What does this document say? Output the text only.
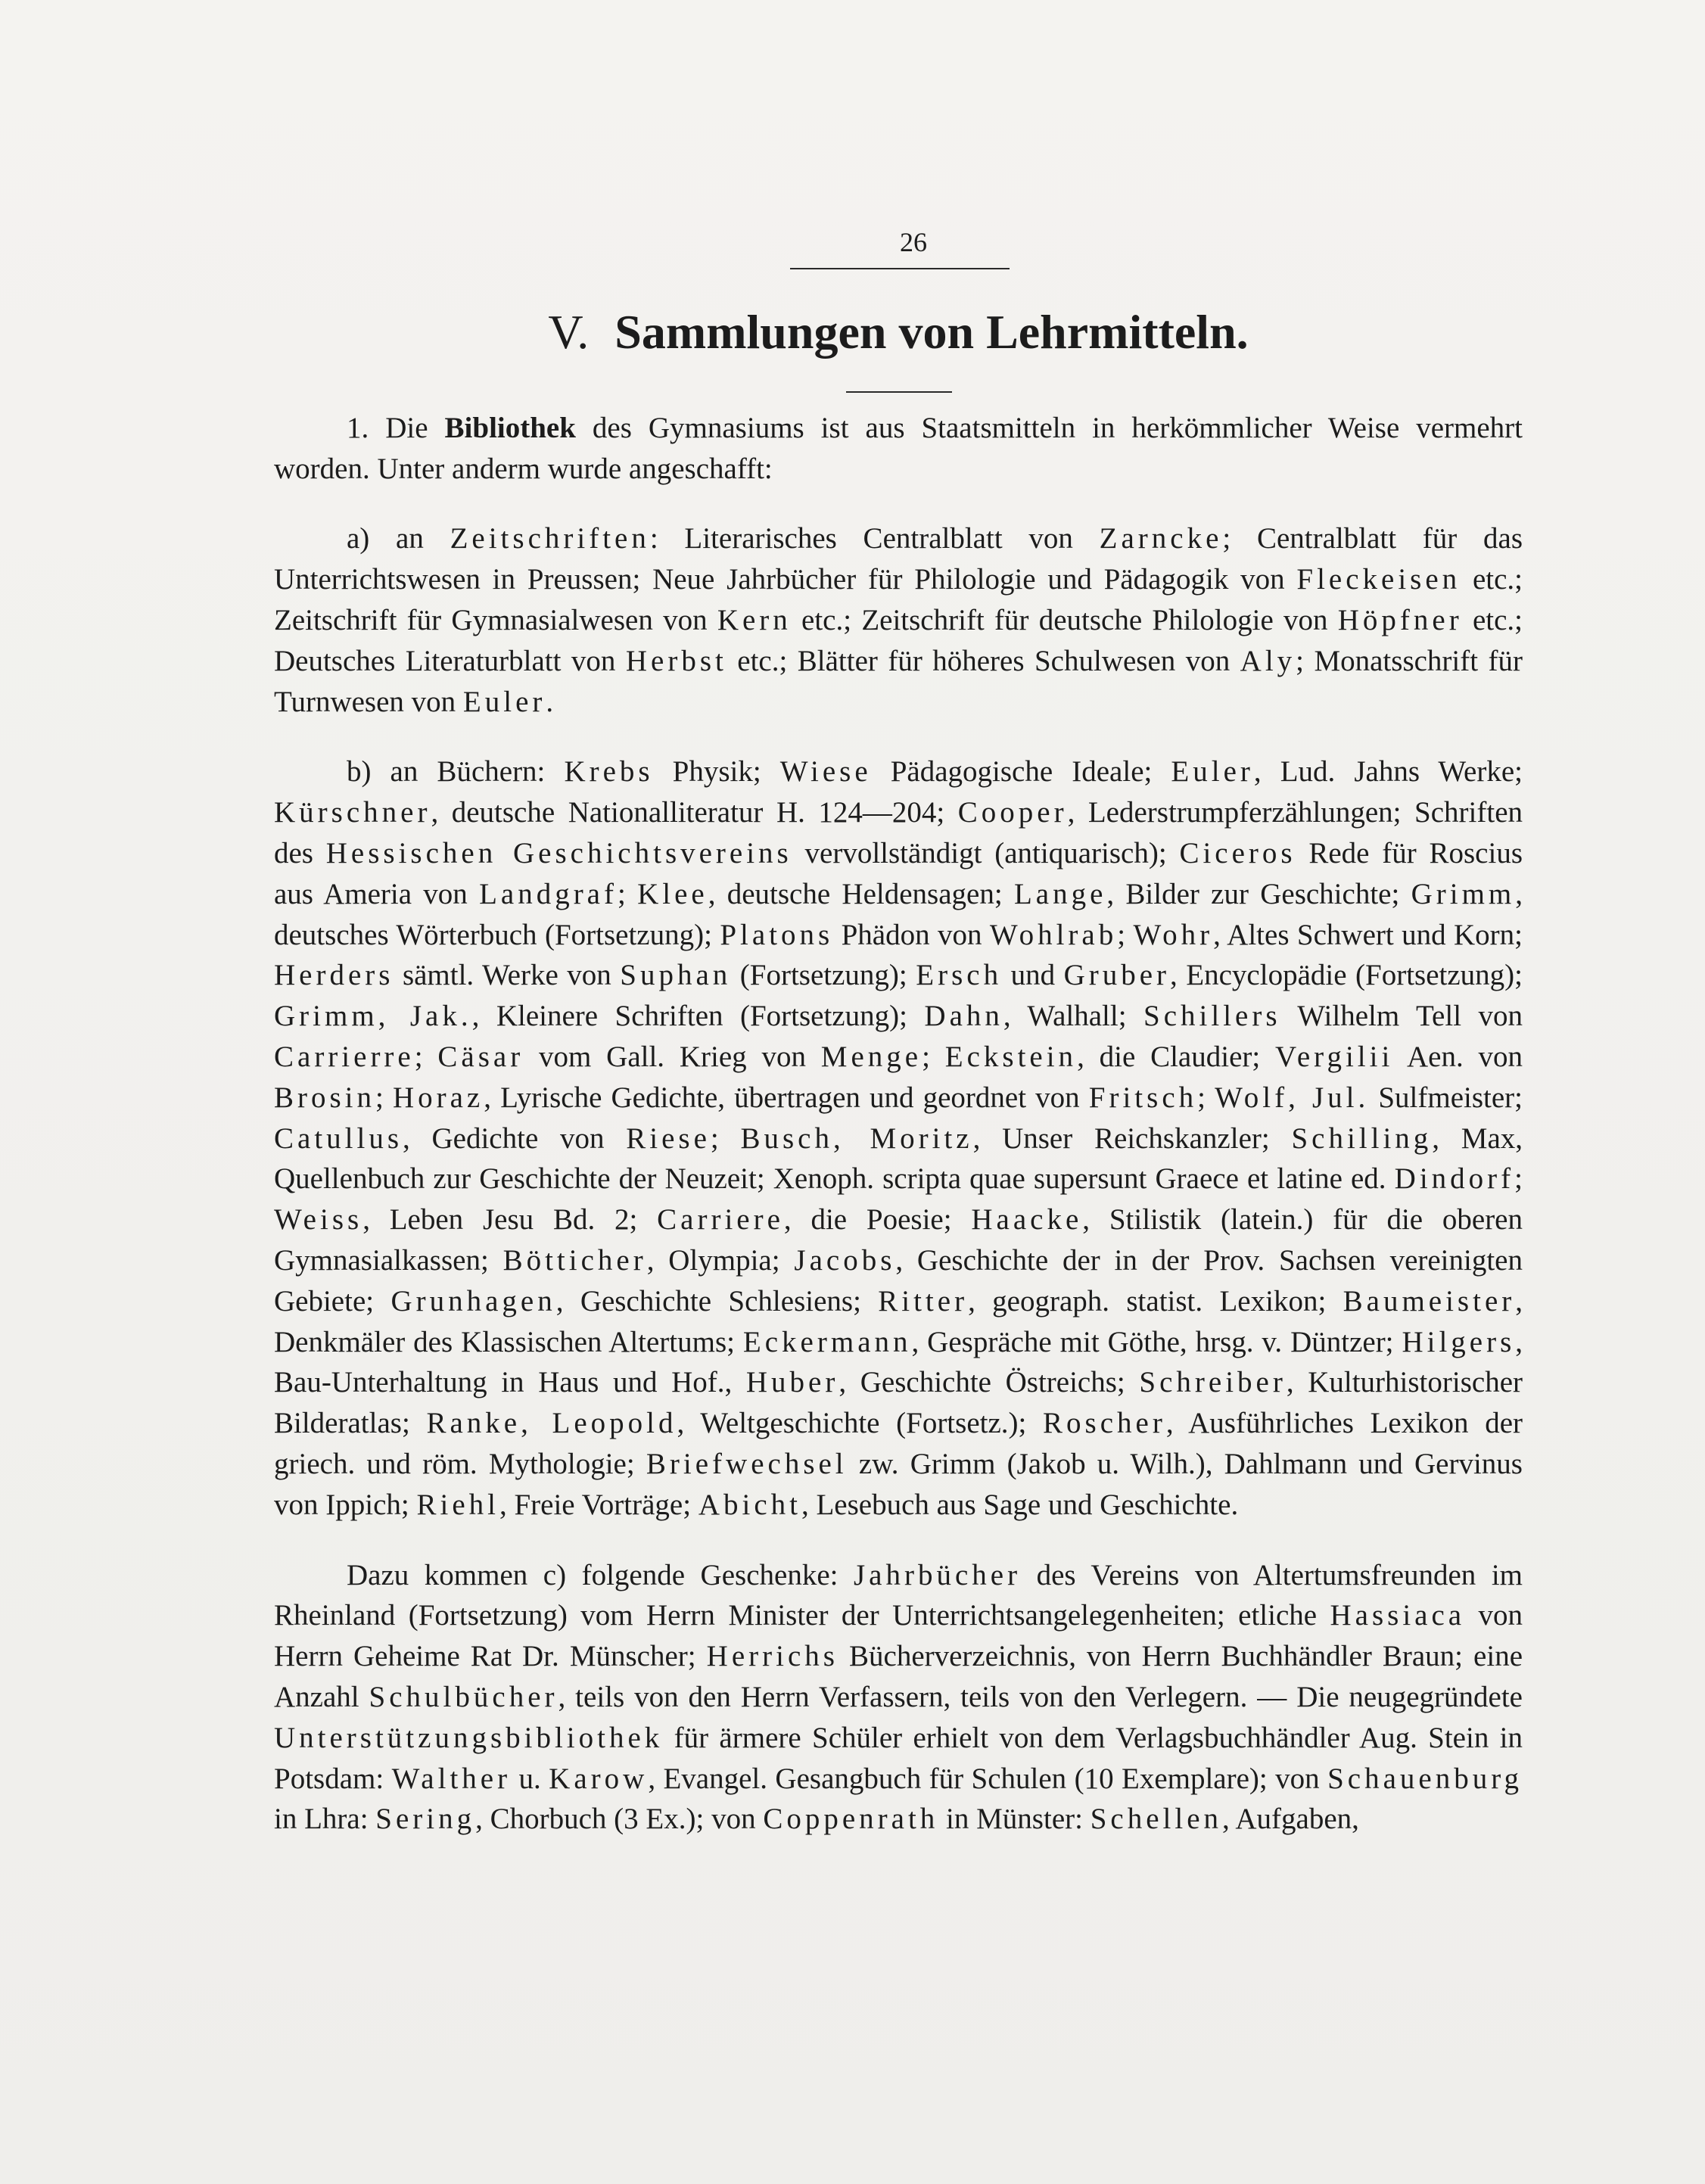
26
V. Sammlungen von Lehrmitteln.

1. Die Bibliothek des Gymnasiums ist aus Staatsmitteln in herkömmlicher Weise vermehrt worden. Unter anderm wurde angeschafft:

a) an Zeitschriften: Literarisches Centralblatt von Zarncke; Centralblatt für das Unterrichtswesen in Preussen; Neue Jahrbücher für Philologie und Pädagogik von Fleckeisen etc.; Zeitschrift für Gymnasialwesen von Kern etc.; Zeitschrift für deutsche Philologie von Höpfner etc.; Deutsches Literaturblatt von Herbst etc.; Blätter für höheres Schulwesen von Aly; Monatsschrift für Turnwesen von Euler.

b) an Büchern: Krebs Physik; Wiese Pädagogische Ideale; Euler, Lud. Jahns Werke; Kürschner, deutsche Nationalliteratur H. 124—204; Cooper, Lederstrumpferzählungen; Schriften des Hessischen Geschichtsvereins vervollständigt (antiquarisch); Ciceros Rede für Roscius aus Ameria von Landgraf; Klee, deutsche Heldensagen; Lange, Bilder zur Geschichte; Grimm, deutsches Wörterbuch (Fortsetzung); Platons Phädon von Wohlrab; Wohr, Altes Schwert und Korn; Herders sämtl. Werke von Suphan (Fortsetzung); Ersch und Gruber, Encyclopädie (Fortsetzung); Grimm, Jak., Kleinere Schriften (Fortsetzung); Dahn, Walhall; Schillers Wilhelm Tell von Carrierre; Cäsar vom Gall. Krieg von Menge; Eckstein, die Claudier; Vergilii Aen. von Brosin; Horaz, Lyrische Gedichte, übertragen und geordnet von Fritsch; Wolf, Jul. Sulfmeister; Catullus, Gedichte von Riese; Busch, Moritz, Unser Reichskanzler; Schilling, Max, Quellenbuch zur Geschichte der Neuzeit; Xenoph. scripta quae supersunt Graece et latine ed. Dindorf; Weiss, Leben Jesu Bd. 2; Carriere, die Poesie; Haacke, Stilistik (latein.) für die oberen Gymnasialkassen; Bötticher, Olympia; Jacobs, Geschichte der in der Prov. Sachsen vereinigten Gebiete; Grunhagen, Geschichte Schlesiens; Ritter, geograph. statist. Lexikon; Baumeister, Denkmäler des Klassischen Altertums; Eckermann, Gespräche mit Göthe, hrsg. v. Düntzer; Hilgers, Bau-Unterhaltung in Haus und Hof., Huber, Geschichte Östreichs; Schreiber, Kulturhistorischer Bilderatlas; Ranke, Leopold, Weltgeschichte (Fortsetz.); Roscher, Ausführliches Lexikon der griech. und röm. Mythologie; Briefwechsel zw. Grimm (Jakob u. Wilh.), Dahlmann und Gervinus von Ippich; Riehl, Freie Vorträge; Abicht, Lesebuch aus Sage und Geschichte.

Dazu kommen c) folgende Geschenke: Jahrbücher des Vereins von Altertumsfreunden im Rheinland (Fortsetzung) vom Herrn Minister der Unterrichtsangelegenheiten; etliche Hassiaca von Herrn Geheime Rat Dr. Münscher; Herrichs Bücherverzeichnis, von Herrn Buchhändler Braun; eine Anzahl Schulbücher, teils von den Herrn Verfassern, teils von den Verlegern. — Die neugegründete Unterstützungsbibliothek für ärmere Schüler erhielt von dem Verlagsbuchhändler Aug. Stein in Potsdam: Walther u. Karow, Evangel. Gesangbuch für Schulen (10 Exemplare); von Schauenburg in Lhra: Sering, Chorbuch (3 Ex.); von Coppenrath in Münster: Schellen, Aufgaben,
